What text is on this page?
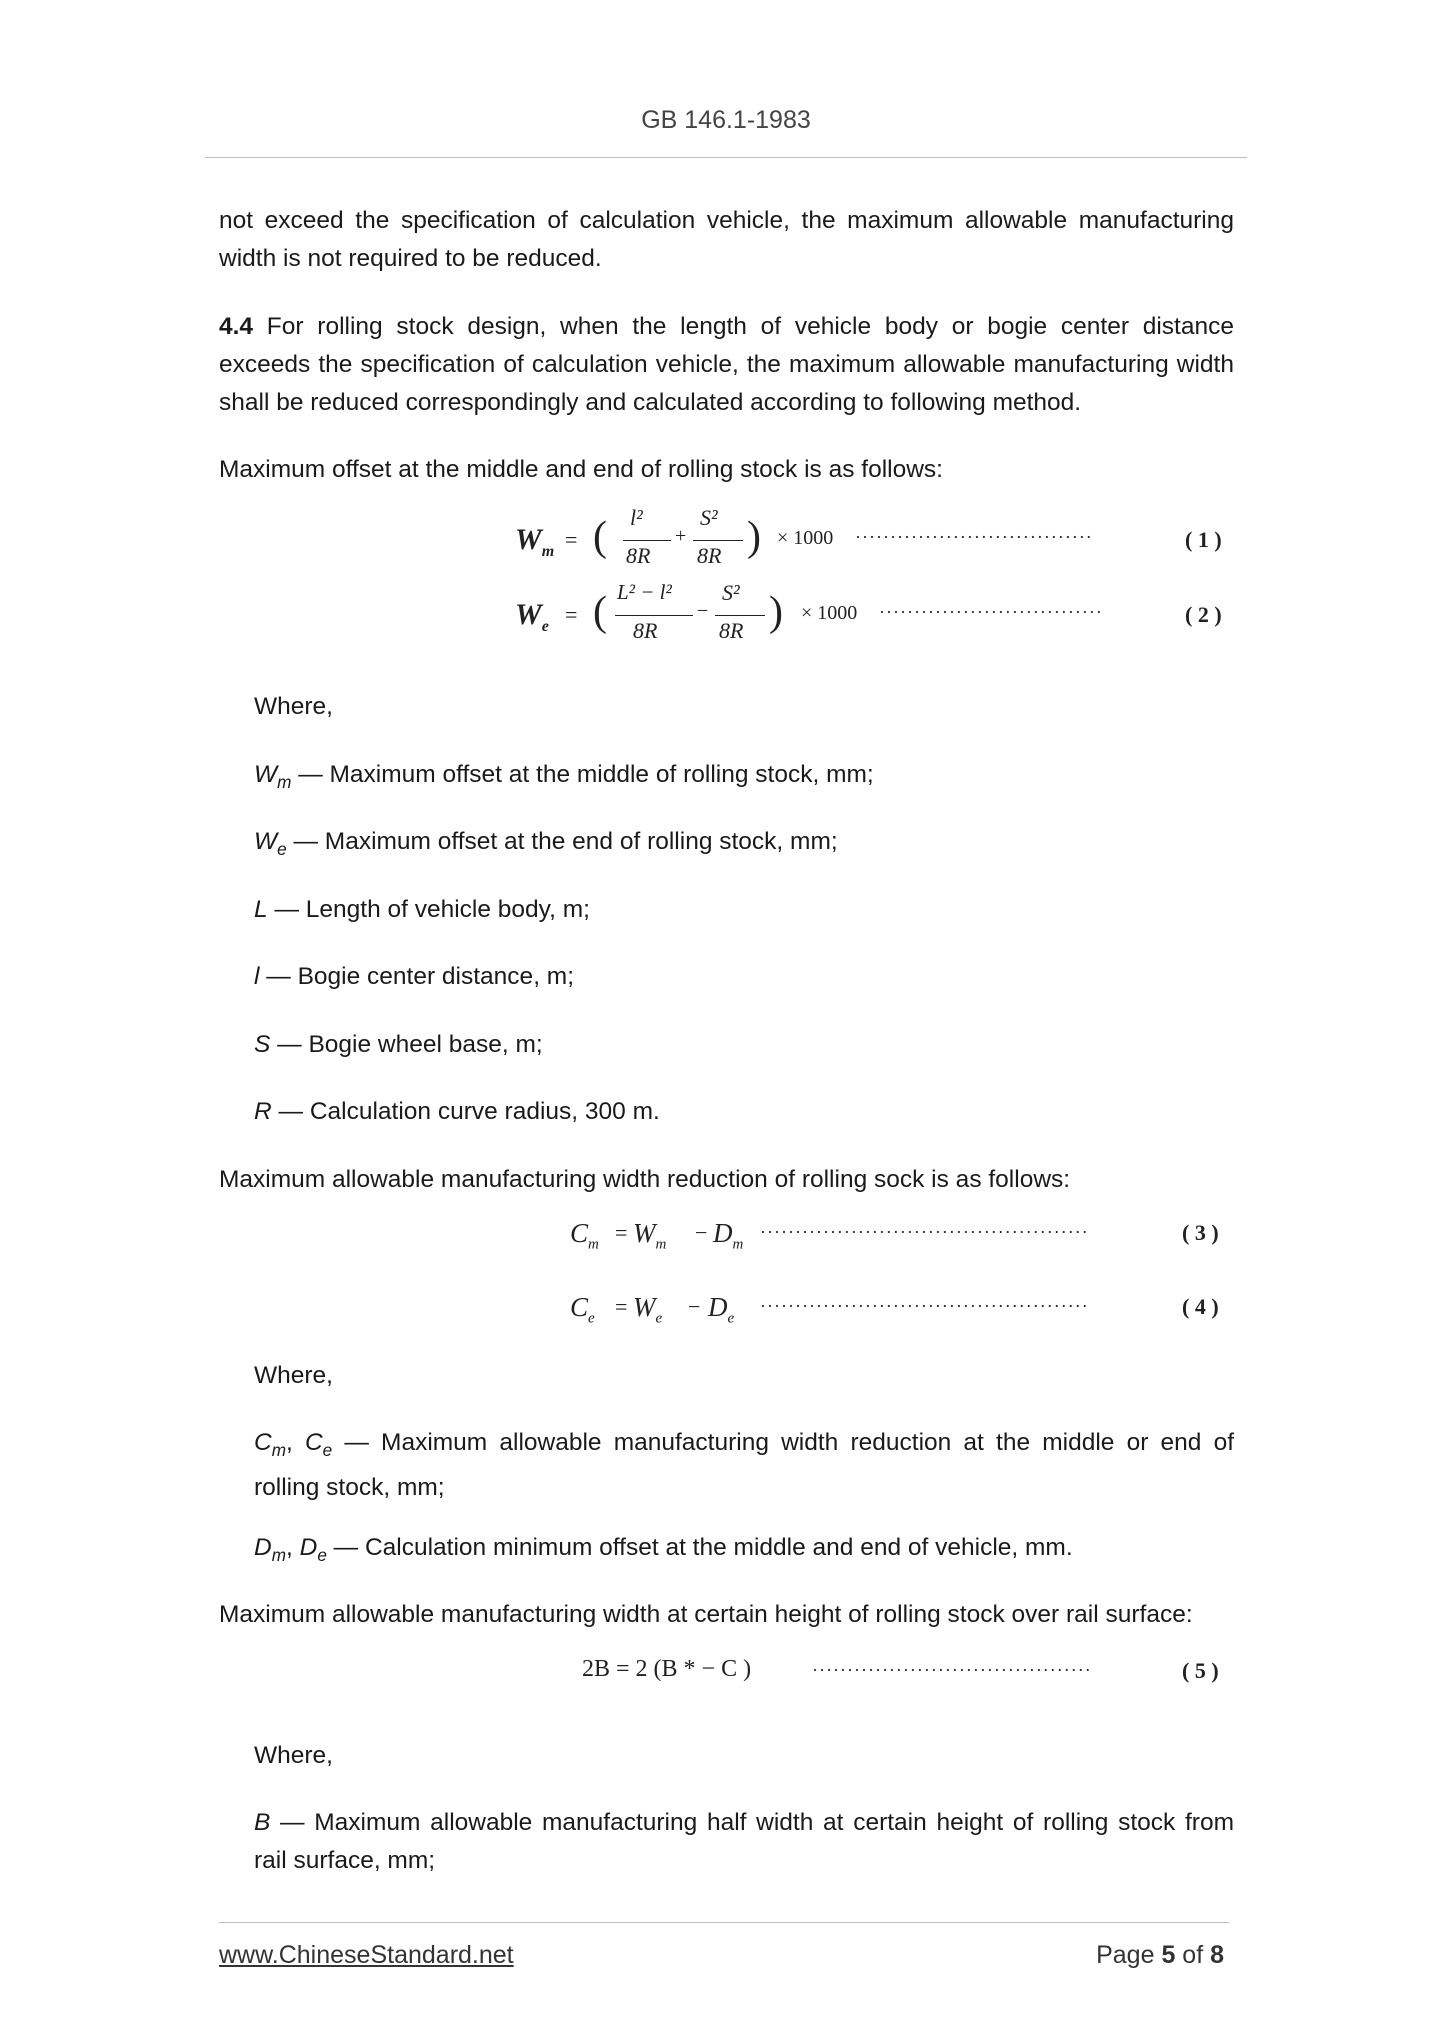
GB 146.1-1983
not exceed the specification of calculation vehicle, the maximum allowable manufacturing width is not required to be reduced.
4.4 For rolling stock design, when the length of vehicle body or bogie center distance exceeds the specification of calculation vehicle, the maximum allowable manufacturing width shall be reduced correspondingly and calculated according to following method.
Maximum offset at the middle and end of rolling stock is as follows:
$W_m$ = ( l²
8R
+
S²
8R ) × 1000 ··································	( 1 )
$W_e$ = ( L² − l²
8R
−
S²
8R ) × 1000 ································	( 2 )
Where,
$W_m$ — Maximum offset at the middle of rolling stock, mm;
$W_e$ — Maximum offset at the end of rolling stock, mm;
L — Length of vehicle body, m;
l — Bogie center distance, m;
S — Bogie wheel base, m;
R — Calculation curve radius, 300 m.
Maximum allowable manufacturing width reduction of rolling sock is as follows:
$C_m = W_m - D_m$
···············································	( 3 )
$C_e = W_e - D_e$
···············································	( 4 )
Where,
$C_m$, $C_e$ — Maximum allowable manufacturing width reduction at the middle or end of rolling stock, mm;
$D_m$, $D_e$ — Calculation minimum offset at the middle and end of vehicle, mm.
Maximum allowable manufacturing width at certain height of rolling stock over rail surface:
2B = 2 (B * − C )	········································	( 5 )
Where,
B — Maximum allowable manufacturing half width at certain height of rolling stock from rail surface, mm;
www.ChineseStandard.net	Page 5 of 8
